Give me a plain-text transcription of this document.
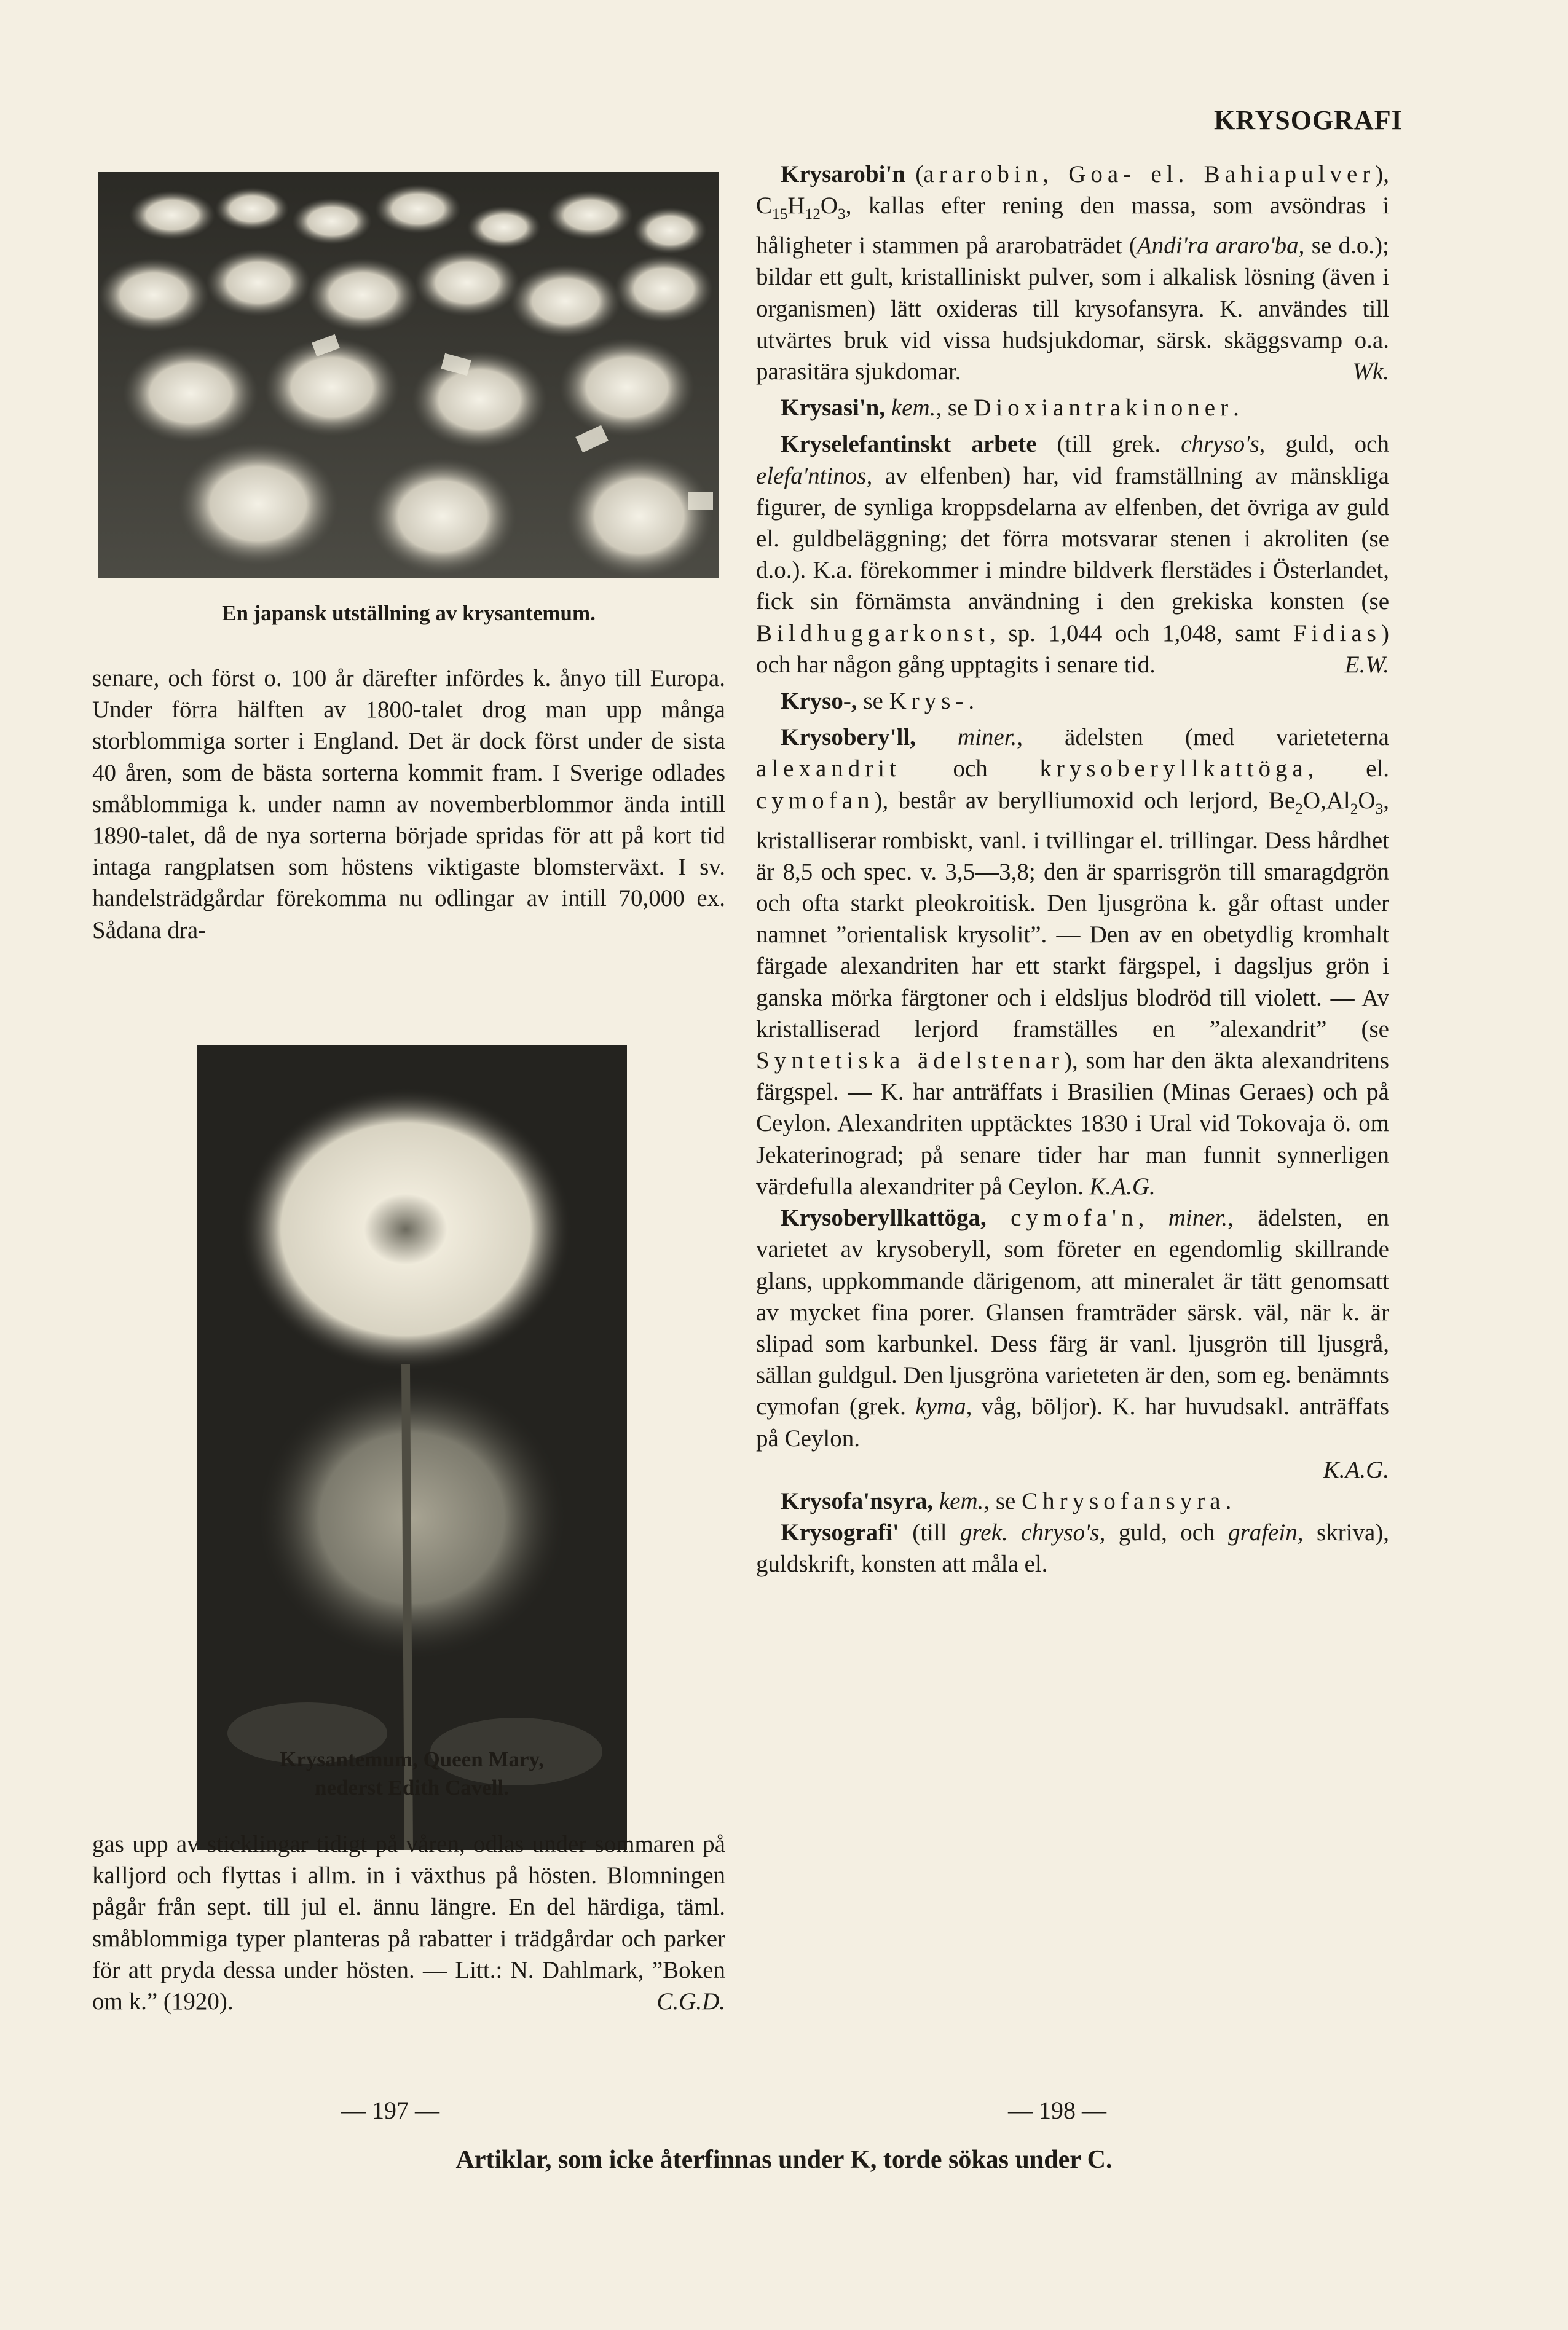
KRYSOGRAFI
En japansk utställning av krysantemum.

senare, och först o. 100 år därefter infördes k. ånyo till Europa. Under förra hälften av 1800-talet drog man upp många storblommiga sorter i England. Det är dock först under de sista 40 åren, som de bästa sorterna kommit fram. I Sverige odlades småblommiga k. under namn av novemberblommor ända intill 1890-talet, då de nya sorterna började spridas för att på kort tid intaga rangplatsen som höstens viktigaste blomsterväxt. I sv. handelsträdgårdar förekomma nu odlingar av intill 70,000 ex. Sådana dra-

Krysantemum, Queen Mary,
nederst Edith Cavell.

gas upp av sticklingar tidigt på våren, odlas under sommaren på kalljord och flyttas i allm. in i växthus på hösten. Blomningen pågår från sept. till jul el. ännu längre. En del härdiga, täml. småblommiga typer planteras på rabatter i trädgårdar och parker för att pryda dessa under hösten. — Litt.: N. Dahlmark, ”Boken om k.” (1920).	C.G.D.

— 197 —

Krysarobi'n (ararobin, Goa- el. Bahiapulver), $C_{15}H_{12}O_3$, kallas efter rening den massa, som avsöndras i håligheter i stammen på ararobaträdet (Andi'ra araro'ba, se d.o.); bildar ett gult, kristalliniskt pulver, som i alkalisk lösning (även i organismen) lätt oxideras till krysofansyra. K. användes till utvärtes bruk vid vissa hudsjukdomar, särsk. skäggsvamp o.a. parasitära sjukdomar.	Wk.

Krysasi'n, kem., se Dioxiantrakinoner.

Kryselefantinskt arbete (till grek. chryso's, guld, och elefa'ntinos, av elfenben) har, vid framställning av mänskliga figurer, de synliga kroppsdelarna av elfenben, det övriga av guld el. guldbeläggning; det förra motsvarar stenen i akroliten (se d.o.). K.a. förekommer i mindre bildverk flerstädes i Österlandet, fick sin förnämsta användning i den grekiska konsten (se Bildhuggarkonst, sp. 1,044 och 1,048, samt Fidias) och har någon gång upptagits i senare tid.	E.W.

Kryso-, se Krys-.

Krysobery'll, miner., ädelsten (med varieteterna alexandrit och krysoberyllkattöga, el. cymofan), består av berylliumoxid och lerjord, $Be_2O,Al_2O_3$, kristalliserar rombiskt, vanl. i tvillingar el. trillingar. Dess hårdhet är 8,5 och spec. v. 3,5—3,8; den är sparrisgrön till smaragdgrön och ofta starkt pleokroitisk. Den ljusgröna k. går oftast under namnet ”orientalisk krysolit”. — Den av en obetydlig kromhalt färgade alexandriten har ett starkt färgspel, i dagsljus grön i ganska mörka färgtoner och i eldsljus blodröd till violett. — Av kristalliserad lerjord framställes en ”alexandrit” (se Syntetiska ädelstenar), som har den äkta alexandritens färgspel. — K. har anträffats i Brasilien (Minas Geraes) och på Ceylon. Alexandriten upptäcktes 1830 i Ural vid Tokovaja ö. om Jekaterinograd; på senare tider har man funnit synnerligen värdefulla alexandriter på Ceylon. K.A.G.

Krysoberyllkattöga, cymofa'n, miner., ädelsten, en varietet av krysoberyll, som företer en egendomlig skillrande glans, uppkommande därigenom, att mineralet är tätt genomsatt av mycket fina porer. Glansen framträder särsk. väl, när k. är slipad som karbunkel. Dess färg är vanl. ljusgrön till ljusgrå, sällan guldgul. Den ljusgröna varieteten är den, som eg. benämnts cymofan (grek. kyma, våg, böljor). K. har huvudsakl. anträffats på Ceylon.
K.A.G.

Krysofa'nsyra, kem., se Chrysofansyra.

Krysografi' (till grek. chryso's, guld, och grafein, skriva), guldskrift, konsten att måla el.

— 198 —
Artiklar, som icke återfinnas under K, torde sökas under C.
